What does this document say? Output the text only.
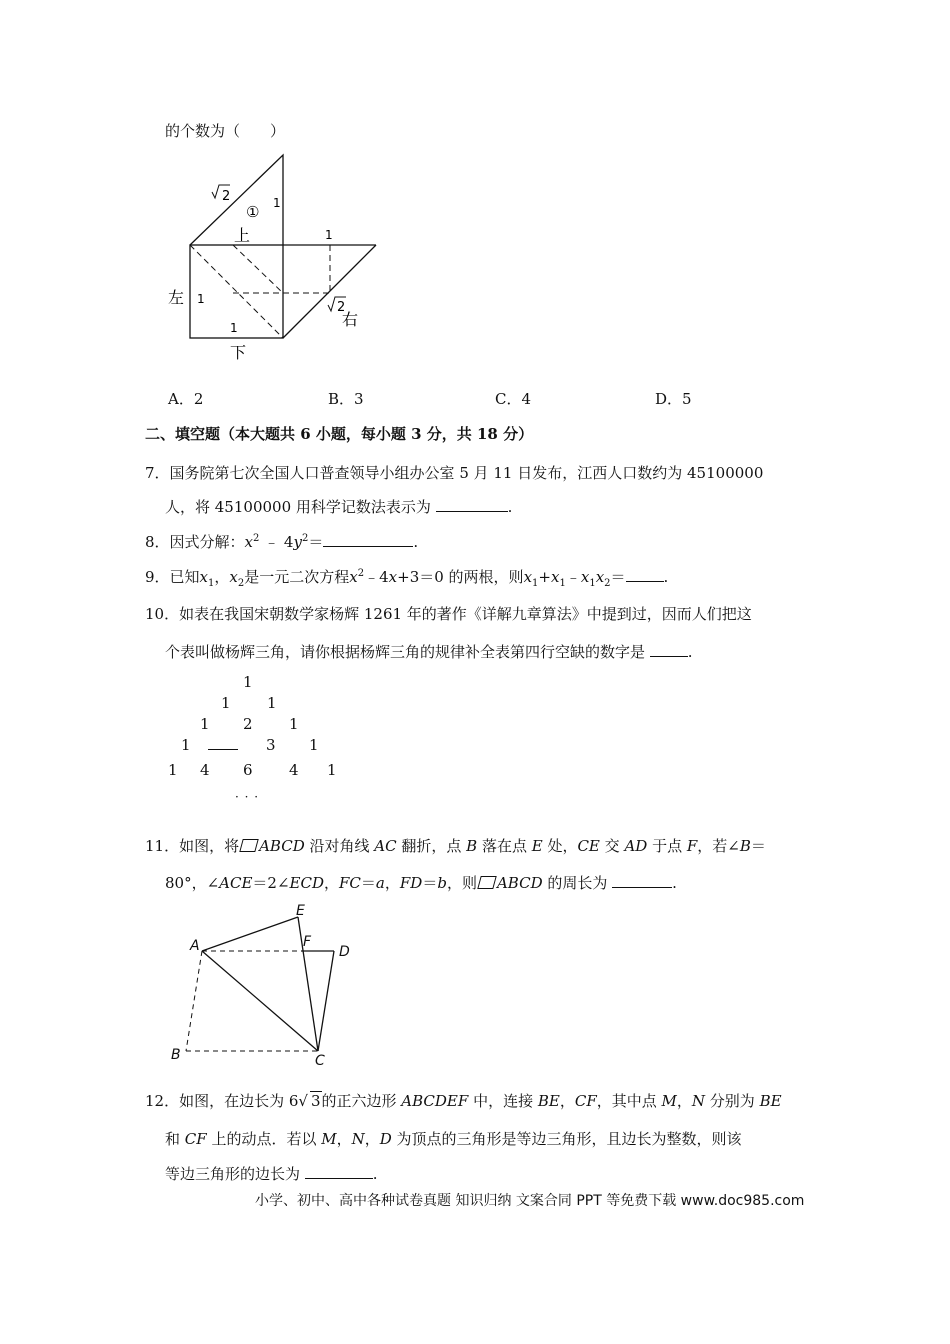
的个数为（　　）
2
① 1
上	1
左 1
2
右
1
下
A．2	B．3	C．4	D．5
二、填空题（本大题共 6 小题，每小题 3 分，共 18 分）
7．国务院第七次全国人口普查领导小组办公室 5 月 11 日发布，江西人口数约为 45100000
人，将 45100000 用科学记数法表示为	.
8．因式分解：$x^2$ ﹣ $4y^2=$	.
9．已知$x_1$，$x_2$是一元二次方程$x^2﹣4x+3=0$ 的两根，则$x_1+x_1﹣x_1x_2=$	.
10．如表在我国宋朝数学家杨辉 1261 年的著作《详解九章算法》中提到过，因而人们把这
个表叫做杨辉三角，请你根据杨辉三角的规律补全表第四行空缺的数字是	.
1
1 1
1 2 1
1	3 1
1 4 6 4 1
· · ·
11．如图，将 ABCD 沿对角线 AC 翻折，点 B 落在点 E 处，CE 交 AD 于点 F，若∠B＝
80°，∠ACE＝2∠ECD，FC＝a，FD＝b，则 ABCD 的周长为	.
A
E
F
D
B	C
12．如图，在边长为 6√ 3的正六边形 ABCDEF 中，连接 BE，CF，其中点 M，N 分别为 BE
和 CF 上的动点．若以 M，N，D 为顶点的三角形是等边三角形，且边长为整数，则该
等边三角形的边长为	.
小学、初中、高中各种试卷真题 知识归纳 文案合同 PPT 等免费下载 www.doc985.com
